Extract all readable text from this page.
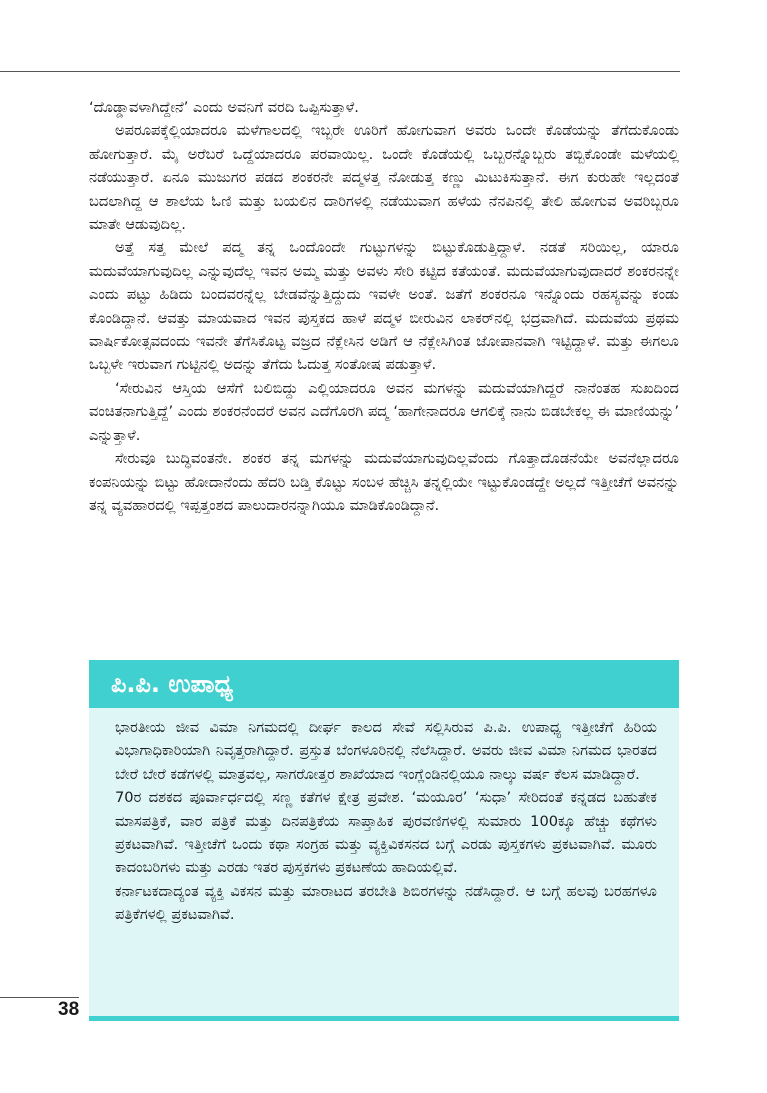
‘ದೊಡ್ಡಾವಳಾಗಿದ್ದೇನೆ’ ಎಂದು ಅವನಿಗೆ ವರದಿ ಒಪ್ಪಿಸುತ್ತಾಳೆ.

ಅಪರೂಪಕ್ಕೆಲ್ಲಿಯಾದರೂ ಮಳೆಗಾಲದಲ್ಲಿ ಇಬ್ಬರೇ ಊರಿಗೆ ಹೋಗುವಾಗ ಅವರು ಒಂದೇ ಕೊಡೆಯನ್ನು ತೆಗೆದುಕೊಂಡು ಹೋಗುತ್ತಾರೆ. ಮೈ ಅರೆಬರೆ ಒದ್ದೆಯಾದರೂ ಪರವಾಯಿಲ್ಲ. ಒಂದೇ ಕೊಡೆಯಲ್ಲಿ ಒಬ್ಬರನ್ನೊಬ್ಬರು ತಬ್ಬಿಕೊಂಡೇ ಮಳೆಯಲ್ಲಿ ನಡೆಯುತ್ತಾರೆ. ಏನೂ ಮುಜುಗರ ಪಡದ ಶಂಕರನೇ ಪದ್ಮಳತ್ತ ನೋಡುತ್ತ ಕಣ್ಣು ಮಿಟುಕಿಸುತ್ತಾನೆ. ಈಗ ಕುರುಹೇ ಇಲ್ಲದಂತೆ ಬದಲಾಗಿದ್ದ ಆ ಶಾಲೆಯ ಓಣಿ ಮತ್ತು ಬಯಲಿನ ದಾರಿಗಳಲ್ಲಿ ನಡೆಯುವಾಗ ಹಳೆಯ ನೆನಪಿನಲ್ಲಿ ತೇಲಿ ಹೋಗುವ ಅವರಿಬ್ಬರೂ ಮಾತೇ ಆಡುವುದಿಲ್ಲ.

ಅತ್ತೆ ಸತ್ತ ಮೇಲೆ ಪದ್ಮ ತನ್ನ ಒಂದೊಂದೇ ಗುಟ್ಟುಗಳನ್ನು ಬಿಟ್ಟುಕೊಡುತ್ತಿದ್ದಾಳೆ. ನಡತೆ ಸರಿಯಿಲ್ಲ, ಯಾರೂ ಮದುವೆಯಾಗುವುದಿಲ್ಲ ಎನ್ನುವುದೆಲ್ಲ ಇವನ ಅಮ್ಮ ಮತ್ತು ಅವಳು ಸೇರಿ ಕಟ್ಟಿದ ಕತೆಯಂತೆ. ಮದುವೆಯಾಗುವುದಾದರೆ ಶಂಕರನನ್ನೇ ಎಂದು ಪಟ್ಟು ಹಿಡಿದು ಬಂದವರನ್ನೆಲ್ಲ ಬೇಡವೆನ್ನುತ್ತಿದ್ದುದು ಇವಳೇ ಅಂತೆ. ಜತೆಗೆ ಶಂಕರನೂ ಇನ್ನೊಂದು ರಹಸ್ಯವನ್ನು ಕಂಡು ಕೊಂಡಿದ್ದಾನೆ. ಆವತ್ತು ಮಾಯವಾದ ಇವನ ಪುಸ್ತಕದ ಹಾಳೆ ಪದ್ಮಳ ಬೀರುವಿನ ಲಾಕರ್‌ನಲ್ಲಿ ಭದ್ರವಾಗಿದೆ. ಮದುವೆಯ ಪ್ರಥಮ ವಾರ್ಷಿಕೋತ್ಸವದಂದು ಇವನೇ ತೆಗೆಸಿಕೊಟ್ಟ ವಜ್ರದ ನೆಕ್ಲೇಸಿನ ಅಡಿಗೆ ಆ ನೆಕ್ಲೇಸಿಗಿಂತ ಜೋಪಾನವಾಗಿ ಇಟ್ಟಿದ್ದಾಳೆ. ಮತ್ತು ಈಗಲೂ ಒಬ್ಬಳೇ ಇರುವಾಗ ಗುಟ್ಟಿನಲ್ಲಿ ಅದನ್ನು ತೆಗೆದು ಓದುತ್ತ ಸಂತೋಷ ಪಡುತ್ತಾಳೆ.

‘ಸೇರುವಿನ ಆಸ್ತಿಯ ಆಸೆಗೆ ಬಲಿಬಿದ್ದು ಎಲ್ಲಿಯಾದರೂ ಅವನ ಮಗಳನ್ನು ಮದುವೆಯಾಗಿದ್ದರೆ ನಾನೆಂತಹ ಸುಖದಿಂದ ವಂಚಿತನಾಗುತ್ತಿದ್ದೆ’ ಎಂದು ಶಂಕರನೆಂದರೆ ಅವನ ಎದೆಗೊರಗಿ ಪದ್ಮ ‘ಹಾಗೇನಾದರೂ ಆಗಲಿಕ್ಕೆ ನಾನು ಬಿಡಬೇಕಲ್ಲ ಈ ಮಾಣಿಯನ್ನು’ ಎನ್ನುತ್ತಾಳೆ.

ಸೇರುವೂ ಬುದ್ಧಿವಂತನೇ. ಶಂಕರ ತನ್ನ ಮಗಳನ್ನು ಮದುವೆಯಾಗುವುದಿಲ್ಲವೆಂದು ಗೊತ್ತಾದೊಡನೆಯೇ ಅವನೆಲ್ಲಾದರೂ ಕಂಪನಿಯನ್ನು ಬಿಟ್ಟು ಹೋದಾನೆಂದು ಹೆದರಿ ಬಡ್ತಿ ಕೊಟ್ಟು ಸಂಬಳ ಹೆಚ್ಚಿಸಿ ತನ್ನಲ್ಲಿಯೇ ಇಟ್ಟುಕೊಂಡದ್ದೇ ಅಲ್ಲದೆ ಇತ್ತೀಚೆಗೆ ಅವನನ್ನು ತನ್ನ ವ್ಯವಹಾರದಲ್ಲಿ ಇಪ್ಪತ್ತಂಶದ ಪಾಲುದಾರನನ್ನಾಗಿಯೂ ಮಾಡಿಕೊಂಡಿದ್ದಾನೆ.

ಪಿ.ಪಿ. ಉಪಾಧ್ಯ

ಭಾರತೀಯ ಜೀವ ವಿಮಾ ನಿಗಮದಲ್ಲಿ ದೀರ್ಘ ಕಾಲದ ಸೇವೆ ಸಲ್ಲಿಸಿರುವ ಪಿ.ಪಿ. ಉಪಾಧ್ಯ ಇತ್ತೀಚೆಗೆ ಹಿರಿಯ ವಿಭಾಗಾಧಿಕಾರಿಯಾಗಿ ನಿವೃತ್ತರಾಗಿದ್ದಾರೆ. ಪ್ರಸ್ತುತ ಬೆಂಗಳೂರಿನಲ್ಲಿ ನೆಲೆಸಿದ್ದಾರೆ. ಅವರು ಜೀವ ವಿಮಾ ನಿಗಮದ ಭಾರತದ ಬೇರೆ ಬೇರೆ ಕಡೆಗಳಲ್ಲಿ ಮಾತ್ರವಲ್ಲ, ಸಾಗರೋತ್ತರ ಶಾಖೆಯಾದ ಇಂಗ್ಲೆಂಡಿನಲ್ಲಿಯೂ ನಾಲ್ಕು ವರ್ಷ ಕೆಲಸ ಮಾಡಿದ್ದಾರೆ.

70ರ ದಶಕದ ಪೂರ್ವಾರ್ಧದಲ್ಲಿ ಸಣ್ಣ ಕತೆಗಳ ಕ್ಷೇತ್ರ ಪ್ರವೇಶ. ‘ಮಯೂರ’ ‘ಸುಧಾ’ ಸೇರಿದಂತೆ ಕನ್ನಡದ ಬಹುತೇಕ ಮಾಸಪತ್ರಿಕೆ, ವಾರ ಪತ್ರಿಕೆ ಮತ್ತು ದಿನಪತ್ರಿಕೆಯ ಸಾಪ್ತಾಹಿಕ ಪುರವಣಿಗಳಲ್ಲಿ ಸುಮಾರು 100ಕ್ಕೂ ಹೆಚ್ಚು ಕಥೆಗಳು ಪ್ರಕಟವಾಗಿವೆ. ಇತ್ತೀಚೆಗೆ ಒಂದು ಕಥಾ ಸಂಗ್ರಹ ಮತ್ತು ವ್ಯಕ್ತಿವಿಕಸನದ ಬಗ್ಗೆ ಎರಡು ಪುಸ್ತಕಗಳು ಪ್ರಕಟವಾಗಿವೆ. ಮೂರು ಕಾದಂಬರಿಗಳು ಮತ್ತು ಎರಡು ಇತರ ಪುಸ್ತಕಗಳು ಪ್ರಕಟಣೆಯ ಹಾದಿಯಲ್ಲಿವೆ.

ಕರ್ನಾಟಕದಾದ್ಯಂತ ವ್ಯಕ್ತಿ ವಿಕಸನ ಮತ್ತು ಮಾರಾಟದ ತರಬೇತಿ ಶಿಬಿರಗಳನ್ನು ನಡೆಸಿದ್ದಾರೆ. ಆ ಬಗ್ಗೆ ಹಲವು ಬರಹಗಳೂ ಪತ್ರಿಕೆಗಳಲ್ಲಿ ಪ್ರಕಟವಾಗಿವೆ.

38
